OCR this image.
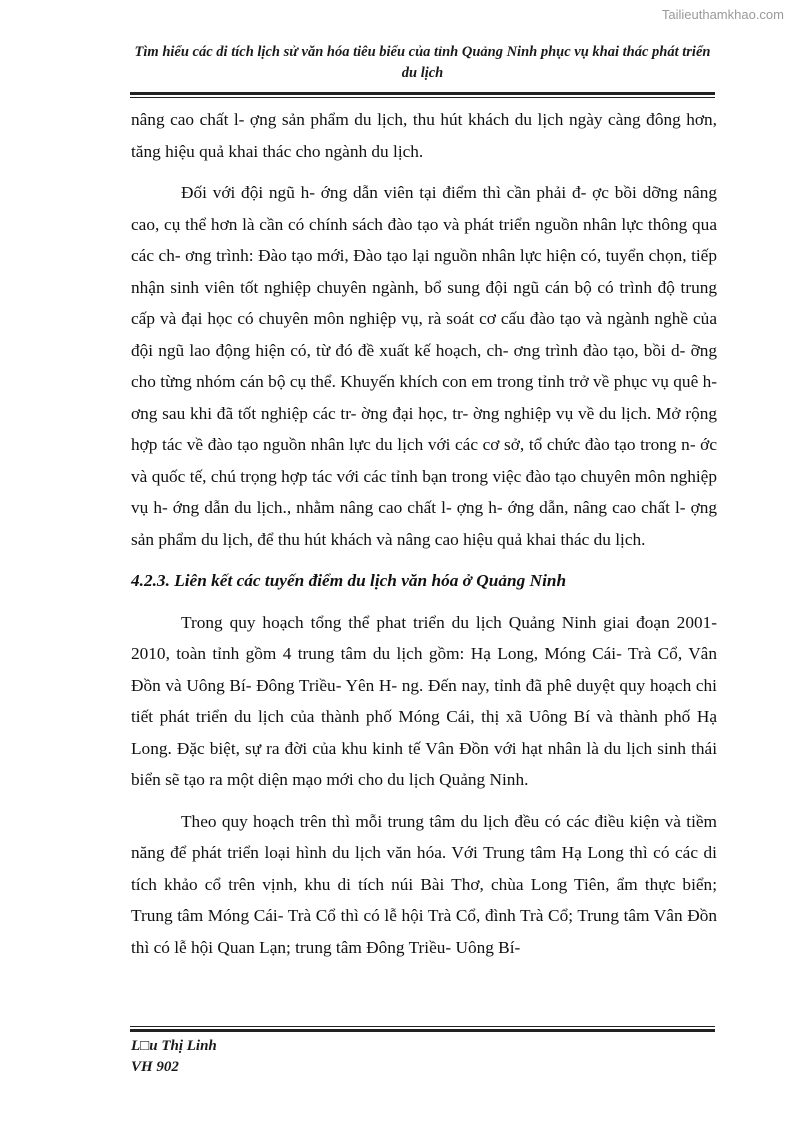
Tailieuthamkhao.com
Tìm hiểu các di tích lịch sử văn hóa tiêu biểu của tỉnh Quảng Ninh phục vụ khai thác phát triển du lịch

nâng cao chất l- ợng sản phẩm du lịch, thu hút khách du lịch ngày càng đông hơn, tăng hiệu quả khai thác cho ngành du lịch.

Đối với đội ngũ h- ớng dẫn viên tại điểm thì cần phải đ- ợc bồi dỡng nâng cao, cụ thể hơn là cần có chính sách đào tạo và phát triển nguồn nhân lực thông qua các ch- ơng trình: Đào tạo mới, Đào tạo lại nguồn nhân lực hiện có, tuyển chọn, tiếp nhận sinh viên tốt nghiệp chuyên ngành, bổ sung đội ngũ cán bộ có trình độ trung cấp và đại học có chuyên môn nghiệp vụ, rà soát cơ cấu đào tạo và ngành nghề của đội ngũ lao động hiện có, từ đó đề xuất kế hoạch, ch- ơng trình đào tạo, bồi d- ỡng cho từng nhóm cán bộ cụ thể. Khuyến khích con em trong tỉnh trở về phục vụ quê h- ơng sau khi đã tốt nghiệp các tr- ờng đại học, tr- ờng nghiệp vụ về du lịch. Mở rộng hợp tác về đào tạo nguồn nhân lực du lịch với các cơ sở, tổ chức đào tạo trong n- ớc và quốc tế, chú trọng hợp tác với các tỉnh bạn trong việc đào tạo chuyên môn nghiệp vụ h- ớng dẫn du lịch., nhằm nâng cao chất l- ợng h- ớng dẫn, nâng cao chất l- ợng sản phẩm du lịch, để thu hút khách và nâng cao hiệu quả khai thác du lịch.

4.2.3. Liên kết các tuyến điểm du lịch văn hóa ở Quảng Ninh

Trong quy hoạch tổng thể phat triển du lịch Quảng Ninh giai đoạn 2001- 2010, toàn tỉnh gồm 4 trung tâm du lịch gồm: Hạ Long, Móng Cái- Trà Cổ, Vân Đồn và Uông Bí- Đông Triều- Yên H- ng. Đến nay, tỉnh đã phê duyệt quy hoạch chi tiết phát triển du lịch của thành phố Móng Cái, thị xã Uông Bí và thành phố Hạ Long. Đặc biệt, sự ra đời của khu kinh tế Vân Đồn với hạt nhân là du lịch sinh thái biển sẽ tạo ra một diện mạo mới cho du lịch Quảng Ninh.

Theo quy hoạch trên thì mỗi trung tâm du lịch đều có các điều kiện và tiềm năng để phát triển loại hình du lịch văn hóa. Với Trung tâm Hạ Long thì có các di tích khảo cổ trên vịnh, khu di tích núi Bài Thơ, chùa Long Tiên, ẩm thực biển; Trung tâm Móng Cái- Trà Cổ thì có lễ hội Trà Cổ, đình Trà Cổ; Trung tâm Vân Đồn thì có lễ hội Quan Lạn; trung tâm Đông Triều- Uông Bí-

L□u Thị Linh
VH 902
